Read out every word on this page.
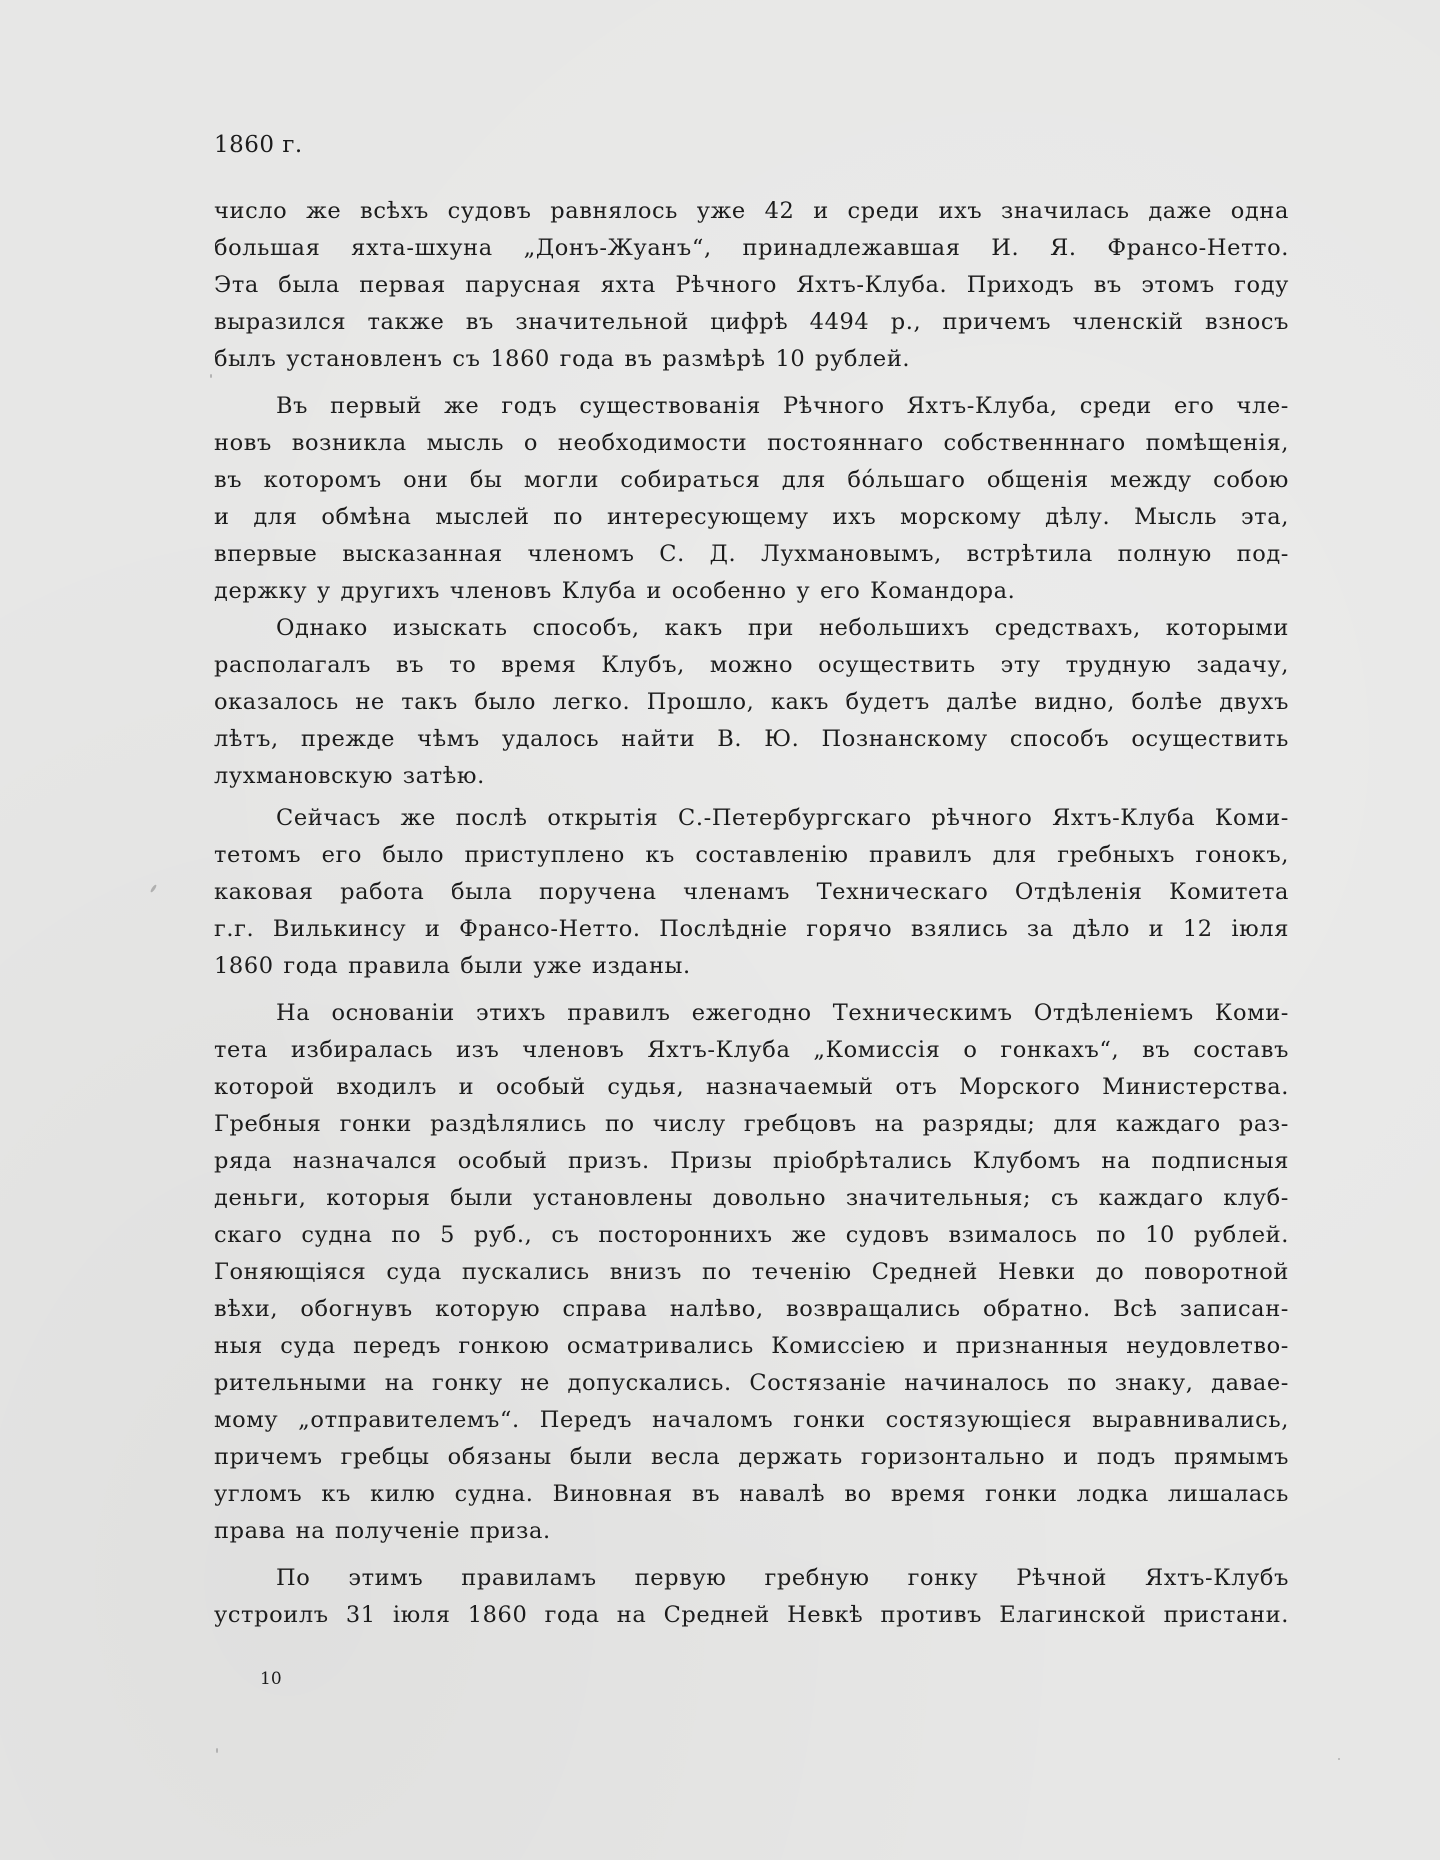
1860 г.
число же всѣхъ судовъ равнялось уже 42 и среди ихъ значилась даже одна
большая яхта-шхуна „Донъ-Жуанъ“, принадлежавшая И. Я. Франсо-Нетто.
Эта была первая парусная яхта Рѣчного Яхтъ-Клуба. Приходъ въ этомъ году
выразился также въ значительной цифрѣ 4494 р., причемъ членскій взносъ
былъ установленъ съ 1860 года въ размѣрѣ 10 рублей.
Въ первый же годъ существованія Рѣчного Яхтъ-Клуба, среди его чле-
новъ возникла мысль о необходимости постояннаго собственннаго помѣщенія,
въ которомъ они бы могли собираться для бо́льшаго общенія между собою
и для обмѣна мыслей по интересующему ихъ морскому дѣлу. Мысль эта,
впервые высказанная членомъ С. Д. Лухмановымъ, встрѣтила полную под-
держку у другихъ членовъ Клуба и особенно у его Командора.
Однако изыскать способъ, какъ при небольшихъ средствахъ, которыми
располагалъ въ то время Клубъ, можно осуществить эту трудную задачу,
оказалось не такъ было легко. Прошло, какъ будетъ далѣе видно, болѣе двухъ
лѣтъ, прежде чѣмъ удалось найти В. Ю. Познанскому способъ осуществить
лухмановскую затѣю.
Сейчасъ же послѣ открытія С.-Петербургскаго рѣчного Яхтъ-Клуба Коми-
тетомъ его было приступлено къ составленію правилъ для гребныхъ гонокъ,
каковая работа была поручена членамъ Техническаго Отдѣленія Комитета
г.г. Вилькинсу и Франсо-Нетто. Послѣдніе горячо взялись за дѣло и 12 іюля
1860 года правила были уже изданы.
На основаніи этихъ правилъ ежегодно Техническимъ Отдѣленіемъ Коми-
тета избиралась изъ членовъ Яхтъ-Клуба „Комиссія о гонкахъ“, въ составъ
которой входилъ и особый судья, назначаемый отъ Морского Министерства.
Гребныя гонки раздѣлялись по числу гребцовъ на разряды; для каждаго раз-
ряда назначался особый призъ. Призы пріобрѣтались Клубомъ на подписныя
деньги, которыя были установлены довольно значительныя; съ каждаго клуб-
скаго судна по 5 руб., съ постороннихъ же судовъ взималось по 10 рублей.
Гоняющіяся суда пускались внизъ по теченію Средней Невки до поворотной
вѣхи, обогнувъ которую справа налѣво, возвращались обратно. Всѣ записан-
ныя суда передъ гонкою осматривались Комиссіею и признанныя неудовлетво-
рительными на гонку не допускались. Состязаніе начиналось по знаку, давае-
мому „отправителемъ“. Передъ началомъ гонки состязующіеся выравнивались,
причемъ гребцы обязаны были весла держать горизонтально и подъ прямымъ
угломъ къ килю судна. Виновная въ навалѣ во время гонки лодка лишалась
права на полученіе приза.
По этимъ правиламъ первую гребную гонку Рѣчной Яхтъ-Клубъ
устроилъ 31 іюля 1860 года на Средней Невкѣ противъ Елагинской пристани.
10
